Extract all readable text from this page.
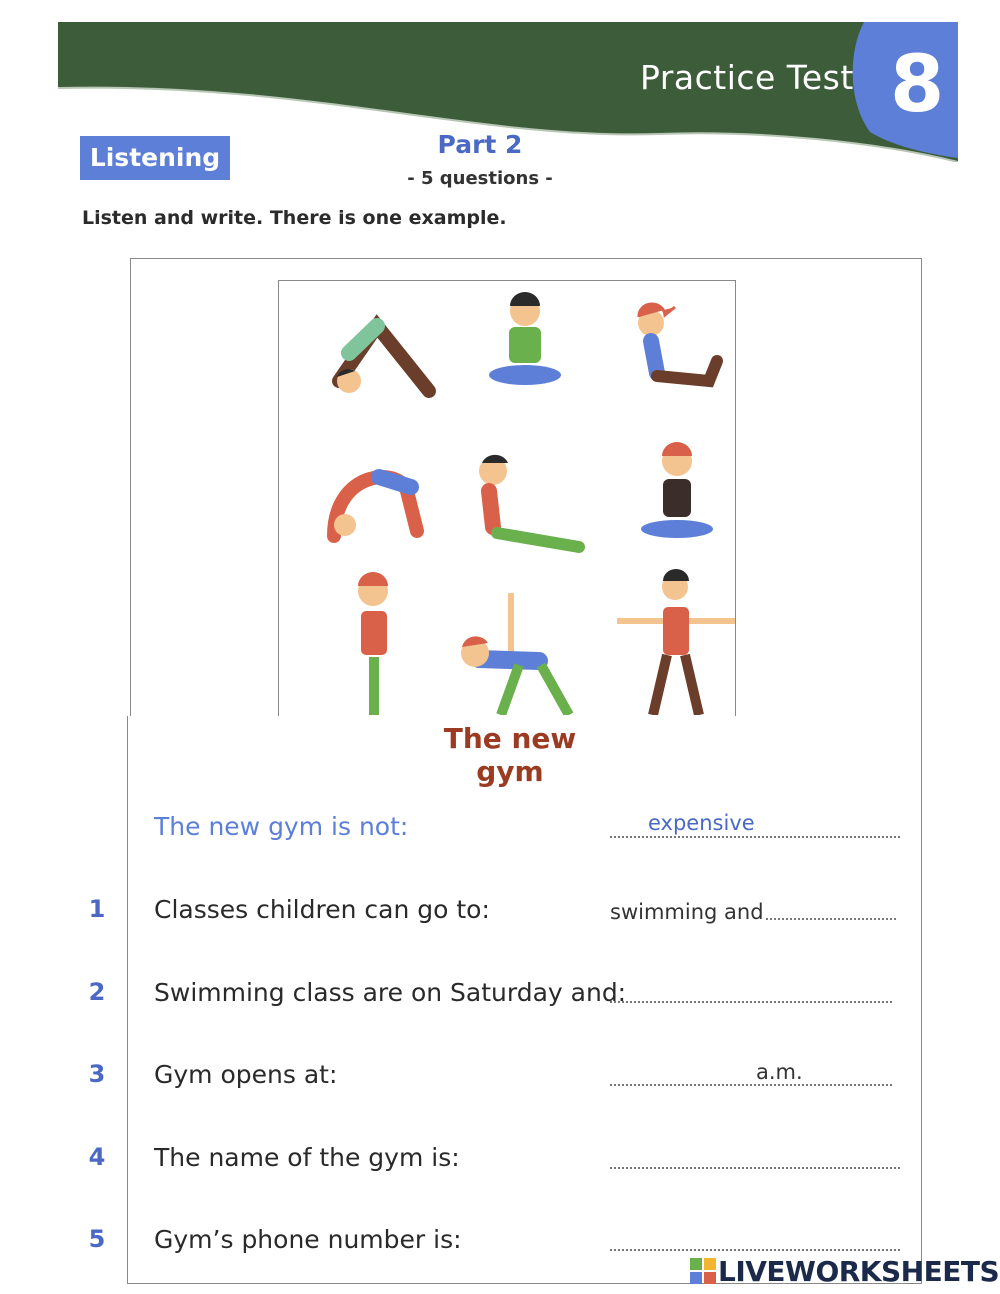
Practice Test 8
Listening	Part 2
- 5 questions -
Listen and write. There is one example.
The new gym
The new gym is not:	expensive
1 Classes children can go to:	swimming and
2 Swimming class are on Saturday and:
3 Gym opens at:	a.m.
4 The name of the gym is:
5 Gym’s phone number is:
LIVEWORKSHEETS
